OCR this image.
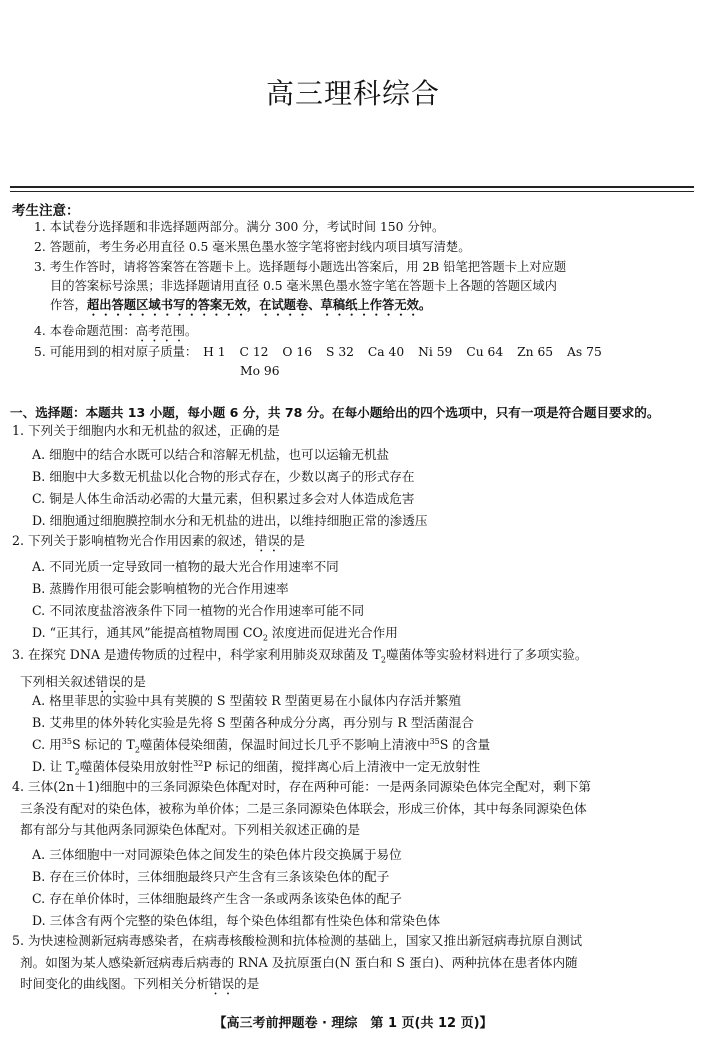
高三理科综合
考生注意：
1. 本试卷分选择题和非选择题两部分。满分 300 分，考试时间 150 分钟。
2. 答题前，考生务必用直径 0.5 毫米黑色墨水签字笔将密封线内项目填写清楚。
3. 考生作答时，请将答案答在答题卡上。选择题每小题选出答案后，用 2B 铅笔把答题卡上对应题
目的答案标号涂黑；非选择题请用直径 0.5 毫米黑色墨水签字笔在答题卡上各题的答题区域内
作答，超出答题区域书写的答案无效，在试题卷、草稿纸上作答无效。
4. 本卷命题范围：高考范围。
5. 可能用到的相对原子质量： H 1 C 12 O 16 S 32 Ca 40 Ni 59 Cu 64 Zn 65 As 75
Mo 96
一、选择题：本题共 13 小题，每小题 6 分，共 78 分。在每小题给出的四个选项中，只有一项是符合题目要求的。
1. 下列关于细胞内水和无机盐的叙述，正确的是
A. 细胞中的结合水既可以结合和溶解无机盐，也可以运输无机盐
B. 细胞中大多数无机盐以化合物的形式存在，少数以离子的形式存在
C. 铜是人体生命活动必需的大量元素，但积累过多会对人体造成危害
D. 细胞通过细胞膜控制水分和无机盐的进出，以维持细胞正常的渗透压
2. 下列关于影响植物光合作用因素的叙述，错误的是
A. 不同光质一定导致同一植物的最大光合作用速率不同
B. 蒸腾作用很可能会影响植物的光合作用速率
C. 不同浓度盐溶液条件下同一植物的光合作用速率可能不同
D. “正其行，通其风”能提高植物周围 $CO_2$ 浓度进而促进光合作用
3. 在探究 DNA 是遗传物质的过程中，科学家利用肺炎双球菌及 $T_2$噬菌体等实验材料进行了多项实验。
下列相关叙述错误的是
A. 格里菲思的实验中具有荚膜的 S 型菌较 R 型菌更易在小鼠体内存活并繁殖
B. 艾弗里的体外转化实验是先将 S 型菌各种成分分离，再分别与 R 型活菌混合
C. 用$^{35}$S 标记的 $T_2$噬菌体侵染细菌，保温时间过长几乎不影响上清液中$^{35}$S 的含量
D. 让 $T_2$噬菌体侵染用放射性$^{32}$P 标记的细菌，搅拌离心后上清液中一定无放射性
4. 三体(2n＋1)细胞中的三条同源染色体配对时，存在两种可能：一是两条同源染色体完全配对，剩下第
三条没有配对的染色体，被称为单价体；二是三条同源染色体联会，形成三价体，其中每条同源染色体
都有部分与其他两条同源染色体配对。下列相关叙述正确的是
A. 三体细胞中一对同源染色体之间发生的染色体片段交换属于易位
B. 存在三价体时，三体细胞最终只产生含有三条该染色体的配子
C. 存在单价体时，三体细胞最终产生含一条或两条该染色体的配子
D. 三体含有两个完整的染色体组，每个染色体组都有性染色体和常染色体
5. 为快速检测新冠病毒感染者，在病毒核酸检测和抗体检测的基础上，国家又推出新冠病毒抗原自测试
剂。如图为某人感染新冠病毒后病毒的 RNA 及抗原蛋白(N 蛋白和 S 蛋白)、两种抗体在患者体内随
时间变化的曲线图。下列相关分析错误的是
【高三考前押题卷 · 理综　第 1 页(共 12 页)】
